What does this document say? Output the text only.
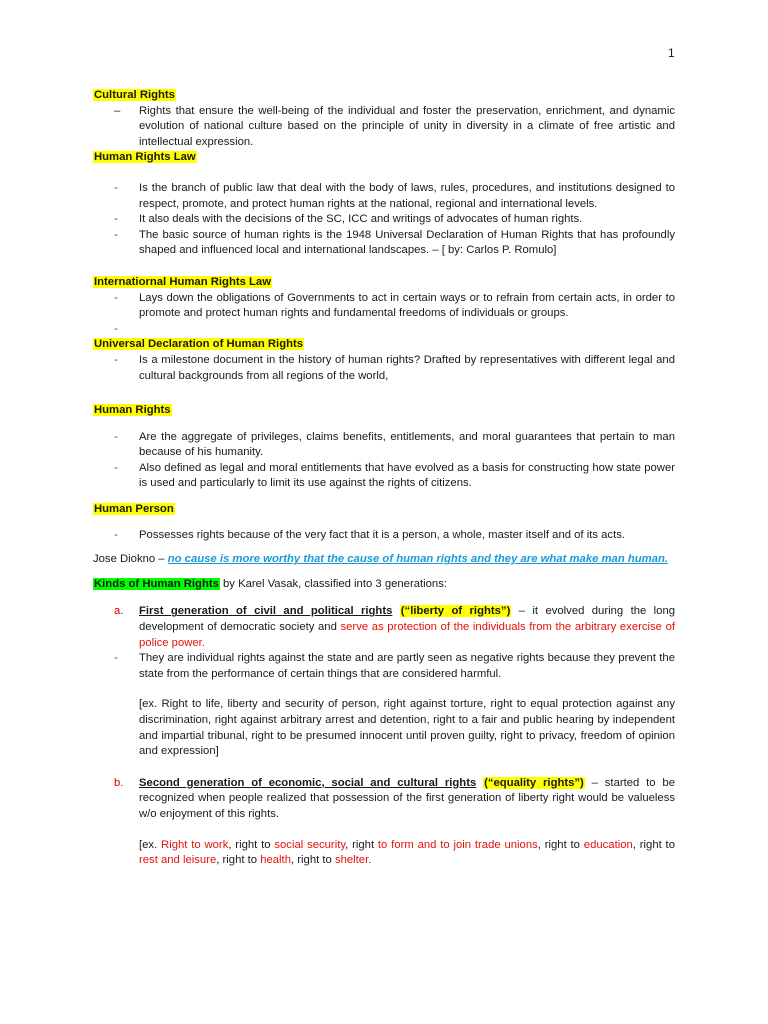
1
Cultural Rights
– Rights that ensure the well-being of the individual and foster the preservation, enrichment, and dynamic evolution of national culture based on the principle of unity in diversity in a climate of free artistic and intellectual expression.
Human Rights Law
- Is the branch of public law that deal with the body of laws, rules, procedures, and institutions designed to respect, promote, and protect human rights at the national, regional and international levels.
- It also deals with the decisions of the SC, ICC and writings of advocates of human rights.
- The basic source of human rights is the 1948 Universal Declaration of Human Rights that has profoundly shaped and influenced local and international landscapes. – [ by: Carlos P. Romulo]
Internatiornal Human Rights Law
- Lays down the obligations of Governments to act in certain ways or to refrain from certain acts, in order to promote and protect human rights and fundamental freedoms of individuals or groups.
-
Universal Declaration of Human Rights
- Is a milestone document in the history of human rights? Drafted by representatives with different legal and cultural backgrounds from all regions of the world,
Human Rights
- Are the aggregate of privileges, claims benefits, entitlements, and moral guarantees that pertain to man because of his humanity.
- Also defined as legal and moral entitlements that have evolved as a basis for constructing how state power is used and particularly to limit its use against the rights of citizens.
Human Person
- Possesses rights because of the very fact that it is a person, a whole, master itself and of its acts.
Jose Diokno – no cause is more worthy that the cause of human rights and they are what make man human.
Kinds of Human Rights by Karel Vasak, classified into 3 generations:
a. First generation of civil and political rights (“liberty of rights”) – it evolved during the long development of democratic society and serve as protection of the individuals from the arbitrary exercise of police power.
- They are individual rights against the state and are partly seen as negative rights because they prevent the state from the performance of certain things that are considered harmful.
[ex. Right to life, liberty and security of person, right against torture, right to equal protection against any discrimination, right against arbitrary arrest and detention, right to a fair and public hearing by independent and impartial tribunal, right to be presumed innocent until proven guilty, right to privacy, freedom of opinion and expression]
b. Second generation of economic, social and cultural rights (“equality rights”) – started to be recognized when people realized that possession of the first generation of liberty right would be valueless w/o enjoyment of this rights.
[ex. Right to work, right to social security, right to form and to join trade unions, right to education, right to rest and leisure, right to health, right to shelter.
